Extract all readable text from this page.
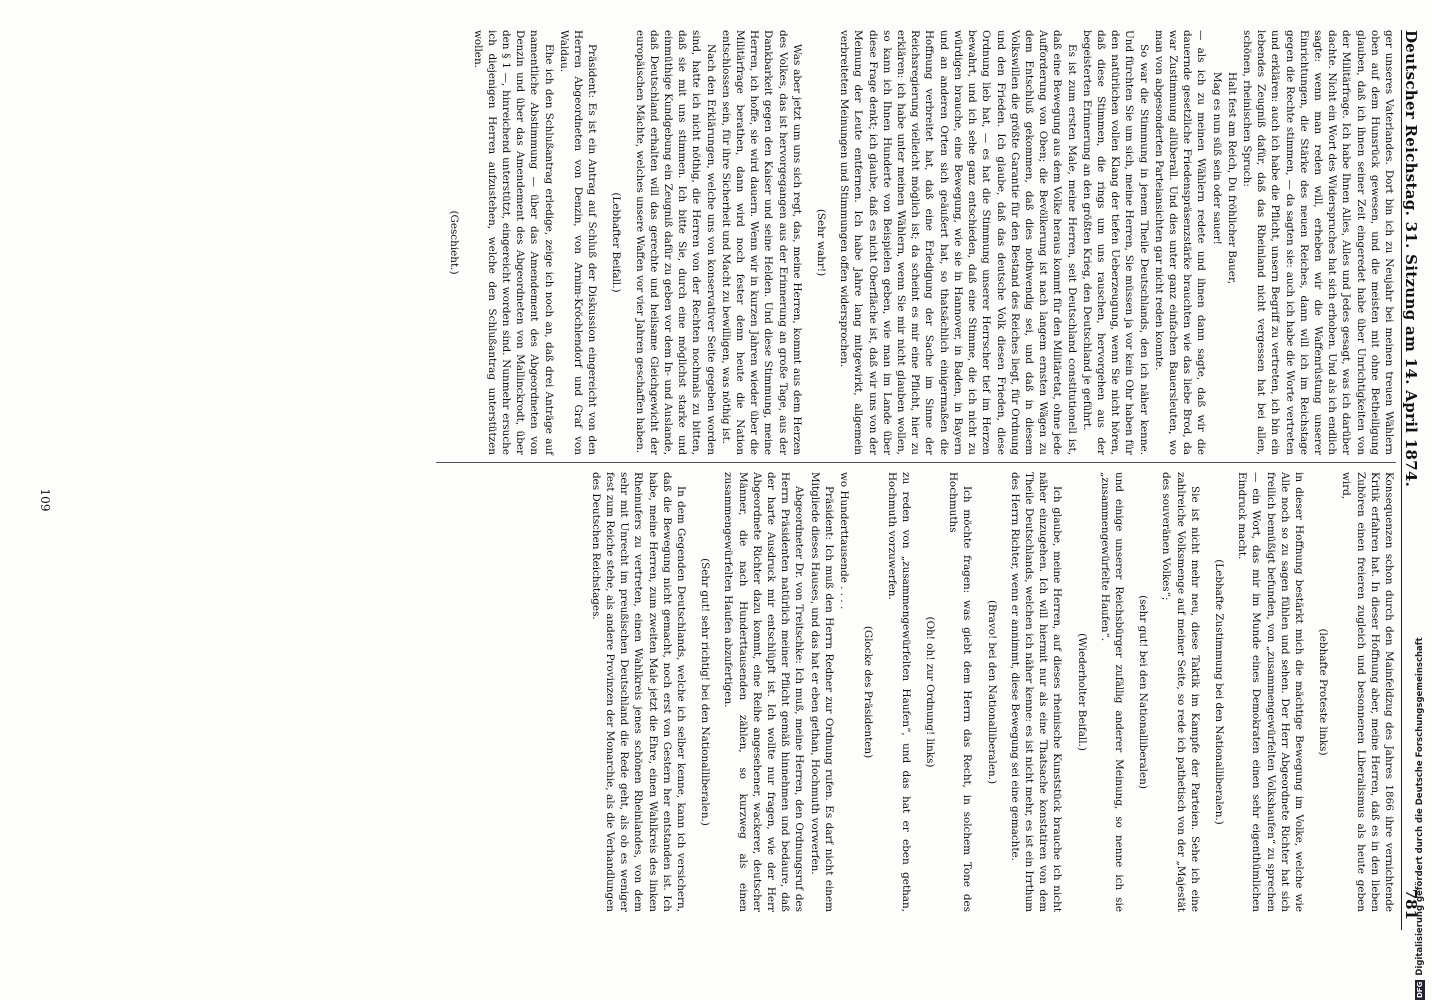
Deutscher Reichstag. 31. Sitzung am 14. April 1874.
781

ger unseres Vaterlandes. Dort bin ich zu Neujahr bei meinen treuen Wählern oben auf dem Hunsrück gewesen, und die meisten mit ohne Betheiligung glauben, daß ich ihnen seiner Zeit eingeredet habe über Unrichtigkeiten von der Militärfrage. Ich habe Ihnen Alles, Alles und Jedes gesagt, was ich darüber dachte. Nicht ein Wort des Widerspruches hat sich erhoben. Und als ich endlich sagte: wenn man reden will, erheben wir die Waffenrüstung unserer Einrichtungen, die Stärke des neuen Reiches, dann will ich im Reichstage gegen die Rechte stimmen, — da sagten sie: auch ich habe die Worte vertreten und erklären: auch ich habe die Pflicht, unsern Begriff zu vertreten, ich bin ein lebendes Zeugniß dafür, daß das Rheinland nicht vergessen hat bei allen, schönen, rheinischen Spruch:

Halt fest am Reich, Du fröhlicher Bauer,

Mag es nun süß sein oder sauer!

— als ich zu meinen Wählern redete und ihnen dann sagte, daß wir die dauernde gesetzliche Friedenspräsenzstärke brauchten wie das liebe Brod, da war Zustimmung allüberall. Und dies unter ganz einfachen Bauersleuten, wo man von abgesonderten Parteiansichten gar nicht reden konnte.

So war die Stimmung in jenem Theile Deutschlands, den ich näher kenne. Und fürchten Sie um sich, meine Herren, Sie müssen ja vor kein Ohr haben für den natürlichen vollen Klang der tiefen Ueberzeugung, wenn Sie nicht hören, daß diese Stimmen, die rings um uns rauschen, hervorgehen aus der begeisterten Erinnerung an den größten Krieg, den Deutschland je geführt.

Es ist zum ersten Male, meine Herren, seit Deutschland constitutionell ist, daß eine Bewegung aus dem Volke heraus kommt für den Militäretat, ohne jede Aufforderung von Oben; die Bevölkerung ist nach langem ernsten Wägen zu dem Entschluß gekommen, daß dies nothwendig sei, und daß in diesem Volkswillen die größte Garantie für den Bestand des Reiches liegt, für Ordnung und den Frieden. Ich glaube, daß das deutsche Volk diesen Frieden, diese Ordnung lieb hat, — es hat die Stimmung unserer Herrscher tief im Herzen bewahrt, und ich sehe ganz entschieden, daß eine Stimme, die ich nicht zu würdigen brauche, eine Bewegung, wie sie in Hannover, in Baden, in Bayern und an anderen Orten sich geäußert hat, so thatsächlich einigermaßen die Hoffnung verbreitet hat, daß eine Erledigung der Sache im Sinne der Reichsregierung vielleicht möglich ist; da scheint es mir eine Pflicht, hier zu erklären: ich habe unter meinen Wählern, wenn Sie mir nicht glauben wollen, so kann ich Ihnen Hunderte von Beispielen geben, wie man im Lande über diese Frage denkt; ich glaube, daß es nicht Oberfläche ist, daß wir uns von der Meinung der Leute entfernen. Ich habe Jahre lang mitgewirkt, allgemein verbreiteten Meinungen und Stimmungen offen widersprochen.

(Sehr wahr!)

Was aber jetzt um uns sich regt, das, meine Herren, kommt aus dem Herzen des Volkes, das ist hervorgegangen aus der Erinnerung an große Tage, aus der Dankbarkeit gegen den Kaiser und seine Helden. Und diese Stimmung, meine Herren, ich hoffe, sie wird dauern. Wenn wir in kurzen Jahren wieder über die Militärfrage berathen, dann wird noch fester denn heute die Nation entschlossen sein, für ihre Sicherheit und Macht zu bewilligen, was nöthig ist.

Nach den Erklärungen, welche uns von konservativer Seite gegeben worden sind, hatte ich nicht nöthig, die Herren von der Rechten nochmals zu bitten, daß sie mit uns stimmen. Ich bitte Sie, durch eine möglichst starke und einmüthige Kundgebung ein Zeugniß dafür zu geben vor dem In- und Auslande, daß Deutschland erhalten will das gerechte und heilsame Gleichgewicht der europäischen Mächte, welches unsere Waffen vor vier Jahren geschaffen haben.

(Lebhafter Beifall.)

Präsident: Es ist ein Antrag auf Schluß der Diskussion eingereicht von den Herren Abgeordneten von Denzin, von Arnim-Kröchlendorf und Graf von Waldau.

Ehe ich den Schlußantrag erledige, zeige ich noch an, daß drei Anträge auf namentliche Abstimmung — über das Amendement des Abgeordneten von Denzin und über das Amendement des Abgeordneten von Mallinckrodt, über den § 1 —, hinreichend unterstützt, eingereicht worden sind. Nunmehr ersuche ich diejenigen Herren aufzustehen, welche den Schlußantrag unterstützen wollen.

(Geschieht.)

Konsequenzen schon durch den Mainfeldzug des Jahres 1866 ihre vernichtende Kritik erfahren hat. In dieser Hoffnung aber, meine Herren, daß es in den lieben Zuhören einen freieren zugleich und besonnenen Liberalismus als heute geben wird,

(lebhafte Proteste links)

in dieser Hoffnung bestärkt mich die mächtige Bewegung im Volke, welche wie Alle noch so zu sagen fühlen und sehen. Der Herr Abgeordnete Richter hat sich freilich bemüßigt befunden, von „zusammengewürfelten Volkshaufen“ zu sprechen — ein Wort, das mir im Munde eines Demokraten einen sehr eigenthümlichen Eindruck macht.

(Lebhafte Zustimmung bei den Nationalliberalen.)

Sie ist nicht mehr neu, diese Taktik im Kampfe der Parteien. Sehe ich eine zahlreiche Volksmenge auf meiner Seite, so rede ich pathetisch von der „Majestät des souveränen Volkes“;

(sehr gut! bei den Nationalliberalen)

und einige unserer Reichsbürger zufällig anderer Meinung, so nenne ich sie „zusammengewürfelte Haufen“.

(Wiederholter Beifall.)

Ich glaube, meine Herren, auf dieses rheinische Kunststück brauche ich nicht näher einzugehen. Ich will hiermit nur als eine Thatsache konstatiren von dem Theile Deutschlands, welchen ich näher kenne: es ist nicht mehr, es ist ein Irrthum des Herrn Richter, wenn er annimmt, diese Bewegung sei eine gemachte.

(Bravo! bei den Nationalliberalen.)

Ich möchte fragen: was giebt dem Herrn das Recht, in solchem Tone des Hochmuths

(Oh! oh! zur Ordnung! links)

zu reden von „zusammengewürfelten Haufen“, und das hat er eben gethan, Hochmuth vorzuwerfen.

(Glocke des Präsidenten)

wo Hunderttausende . . . .

Präsident: Ich muß den Herrn Redner zur Ordnung rufen. Es darf nicht einem Mitgliede dieses Hauses, und das hat er eben gethan, Hochmuth vorwerfen.

Abgeordneter Dr. von Treitschke: Ich muß, meine Herren, den Ordnungsruf des Herrn Präsidenten natürlich meiner Pflicht gemäß hinnehmen und bedaure, daß der harte Ausdruck mir entschlüpft ist. Ich wollte nur fragen, wie der Herr Abgeordnete Richter dazu kommt, eine Reihe angesehener, wackerer, deutscher Männer, die nach Hunderttausenden zählen, so kurzweg als einen zusammengewürfelten Haufen abzufertigen.

(Sehr gut! sehr richtig! bei den Nationalliberalen.)

In dem Gegenden Deutschlands, welche ich selber kenne, kann ich versichern, daß die Bewegung nicht gemacht, noch erst von Gestern her entstanden ist. Ich habe, meine Herren, zum zweiten Male jetzt die Ehre, einen Wahlkreis des linken Rheinufers zu vertreten, einen Wahlkreis jenes schönen Rheinlandes, von dem sehr mit Unrecht im preußischen Deutschland die Rede geht, als ob es weniger fest zum Reiche stehe, als andere Provinzen der Monarchie, als die Verhandlungen des Deutschen Reichstages.

109
DFGDigitalisierung gefördert durch die Deutsche Forschungsgemeinschaft
